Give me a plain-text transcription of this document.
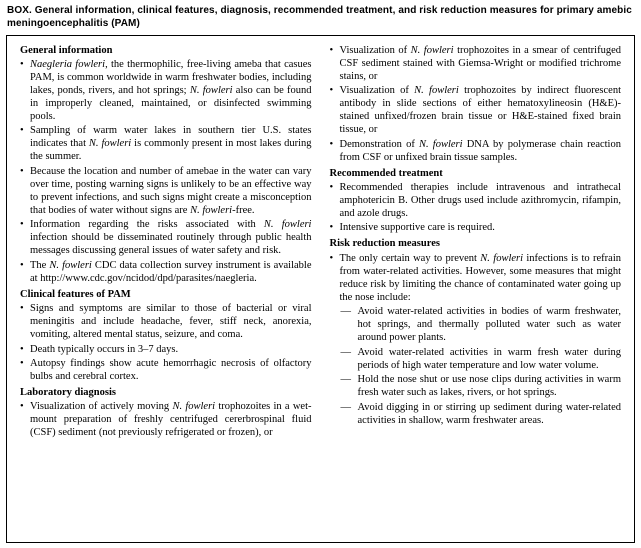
BOX. General information, clinical features, diagnosis, recommended treatment, and risk reduction measures for primary amebic meningoencephalitis (PAM)
General information
• Naegleria fowleri, the thermophilic, free-living ameba that casues PAM, is common worldwide in warm freshwater bodies, including lakes, ponds, rivers, and hot springs; N. fowleri also can be found in improperly cleaned, maintained, or disinfected swimming pools.
• Sampling of warm water lakes in southern tier U.S. states indicates that N. fowleri is commonly present in most lakes during the summer.
• Because the location and number of amebae in the water can vary over time, posting warning signs is unlikely to be an effective way to prevent infections, and such signs might create a misconception that bodies of water without signs are N. fowleri-free.
• Information regarding the risks associated with N. fowleri infection should be disseminated routinely through public health messages discussing general issues of water safety and risk.
• The N. fowleri CDC data collection survey instrument is available at http://www.cdc.gov/ncidod/dpd/parasites/naegleria.
Clinical features of PAM
• Signs and symptoms are similar to those of bacterial or viral meningitis and include headache, fever, stiff neck, anorexia, vomiting, altered mental status, seizure, and coma.
• Death typically occurs in 3–7 days.
• Autopsy findings show acute hemorrhagic necrosis of olfactory bulbs and cerebral cortex.
Laboratory diagnosis
• Visualization of actively moving N. fowleri trophozoites in a wet-mount preparation of freshly centrifuged cererbrospinal fluid (CSF) sediment (not previously refrigerated or frozen), or
• Visualization of N. fowleri trophozoites in a smear of centrifuged CSF sediment stained with Giemsa-Wright or modified trichrome stains, or
• Visualization of N. fowleri trophozoites by indirect fluorescent antibody in slide sections of either hematoxylineosin (H&E)-stained unfixed/frozen brain tissue or H&E-stained fixed brain tissue, or
• Demonstration of N. fowleri DNA by polymerase chain reaction from CSF or unfixed brain tissue samples.
Recommended treatment
• Recommended therapies include intravenous and intrathecal amphotericin B. Other drugs used include azithromycin, rifampin, and azole drugs.
• Intensive supportive care is required.
Risk reduction measures
• The only certain way to prevent N. fowleri infections is to refrain from water-related activities. However, some measures that might reduce risk by limiting the chance of contaminated water going up the nose include:
— Avoid water-related activities in bodies of warm freshwater, hot springs, and thermally polluted water such as water around power plants.
— Avoid water-related activities in warm fresh water during periods of high water temperature and low water volume.
— Hold the nose shut or use nose clips during activities in warm fresh water such as lakes, rivers, or hot springs.
— Avoid digging in or stirring up sediment during water-related activities in shallow, warm freshwater areas.
